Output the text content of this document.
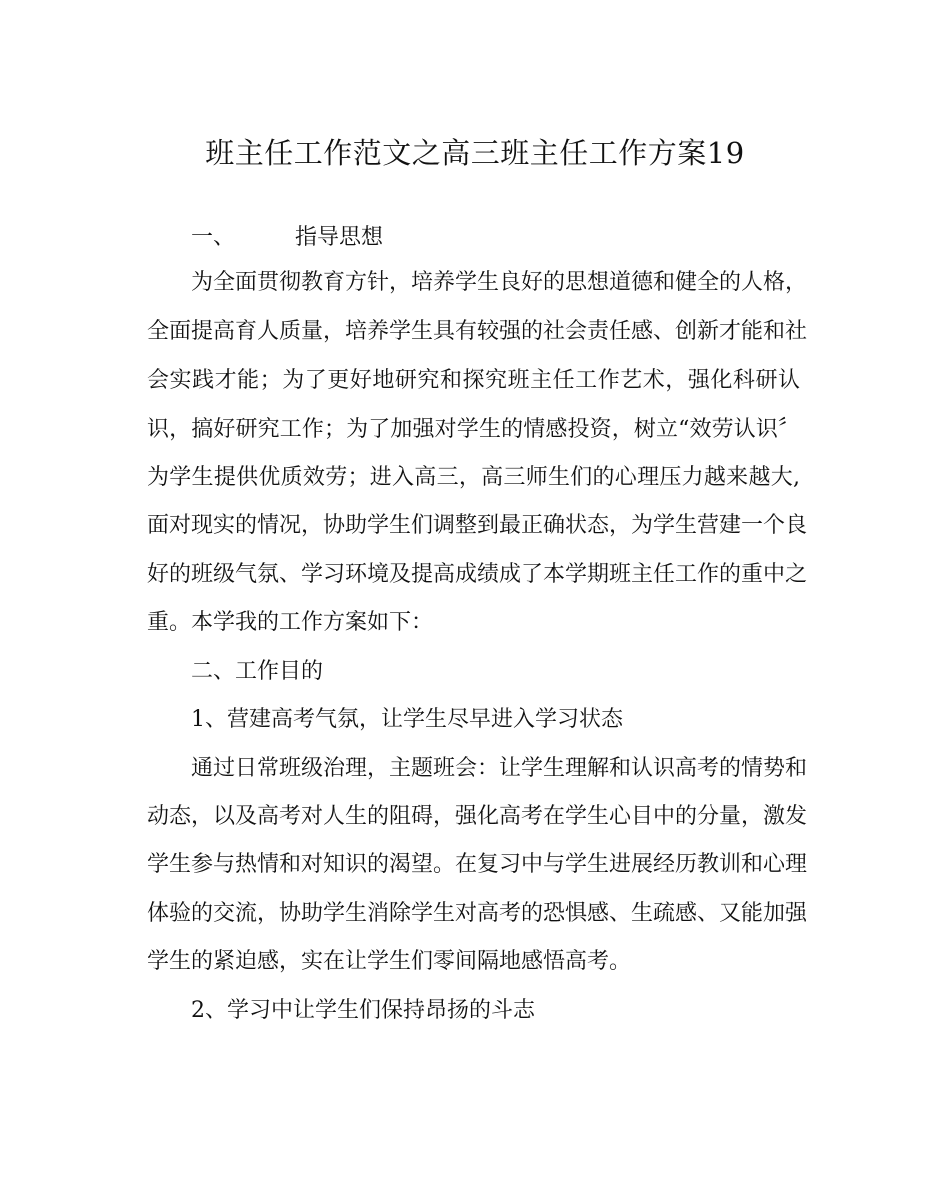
班主任工作范文之高三班主任工作方案19
一、	指导思想
为全面贯彻教育方针，培养学生良好的思想道德和健全的人格，
全面提高育人质量，培养学生具有较强的社会责任感、创新才能和社
会实践才能；为了更好地研究和探究班主任工作艺术，强化科研认
识，搞好研究工作；为了加强对学生的情感投资，树立“效劳认识〞
为学生提供优质效劳；进入高三，高三师生们的心理压力越来越大,
面对现实的情况，协助学生们调整到最正确状态，为学生营建一个良
好的班级气氛、学习环境及提高成绩成了本学期班主任工作的重中之
重。本学我的工作方案如下：
二、工作目的
1、营建高考气氛，让学生尽早进入学习状态
通过日常班级治理，主题班会：让学生理解和认识高考的情势和
动态，以及高考对人生的阻碍，强化高考在学生心目中的分量，激发
学生参与热情和对知识的渴望。在复习中与学生进展经历教训和心理
体验的交流，协助学生消除学生对高考的恐惧感、生疏感、又能加强
学生的紧迫感，实在让学生们零间隔地感悟高考。
2、学习中让学生们保持昂扬的斗志
